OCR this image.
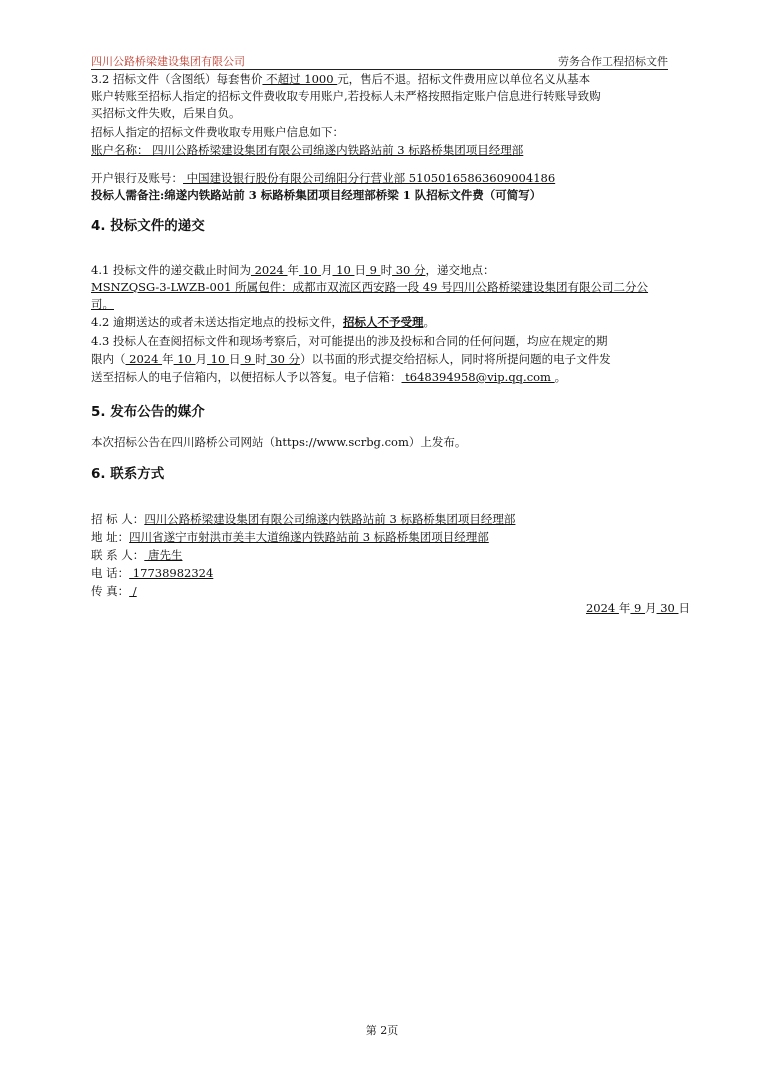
四川公路桥梁建设集团有限公司	劳务合作工程招标文件
3.2 招标文件（含图纸）每套售价 不超过 1000 元，售后不退。招标文件费用应以单位名义从基本
账户转账至招标人指定的招标文件费收取专用账户,若投标人未严格按照指定账户信息进行转账导致购
买招标文件失败，后果自负。
招标人指定的招标文件费收取专用账户信息如下：
账户名称： 四川公路桥梁建设集团有限公司绵遂内铁路站前 3 标路桥集团项目经理部
开户银行及账号： 中国建设银行股份有限公司绵阳分行营业部 51050165863609004186
投标人需备注:绵遂内铁路站前 3 标路桥集团项目经理部桥梁 1 队招标文件费（可简写）
4. 投标文件的递交
4.1 投标文件的递交截止时间为 2024 年 10 月 10 日 9 时 30 分，递交地点：
MSNZQSG-3-LWZB-001 所属包件：成都市双流区西安路一段 49 号四川公路桥梁建设集团有限公司二分公
司。
4.2 逾期送达的或者未送达指定地点的投标文件，招标人不予受理。
4.3 投标人在查阅招标文件和现场考察后，对可能提出的涉及投标和合同的任何问题，均应在规定的期
限内（ 2024 年 10 月 10 日 9 时 30 分）以书面的形式提交给招标人，同时将所提问题的电子文件发
送至招标人的电子信箱内，以便招标人予以答复。电子信箱： t648394958@vip.qq.com 。
5. 发布公告的媒介
本次招标公告在四川路桥公司网站（https://www.scrbg.com）上发布。
6. 联系方式
招 标 人：四川公路桥梁建设集团有限公司绵遂内铁路站前 3 标路桥集团项目经理部
地 址：四川省遂宁市射洪市美丰大道绵遂内铁路站前 3 标路桥集团项目经理部
联 系 人： 唐先生
电 话： 17738982324
传 真： /
2024 年 9 月 30 日
第 2页
